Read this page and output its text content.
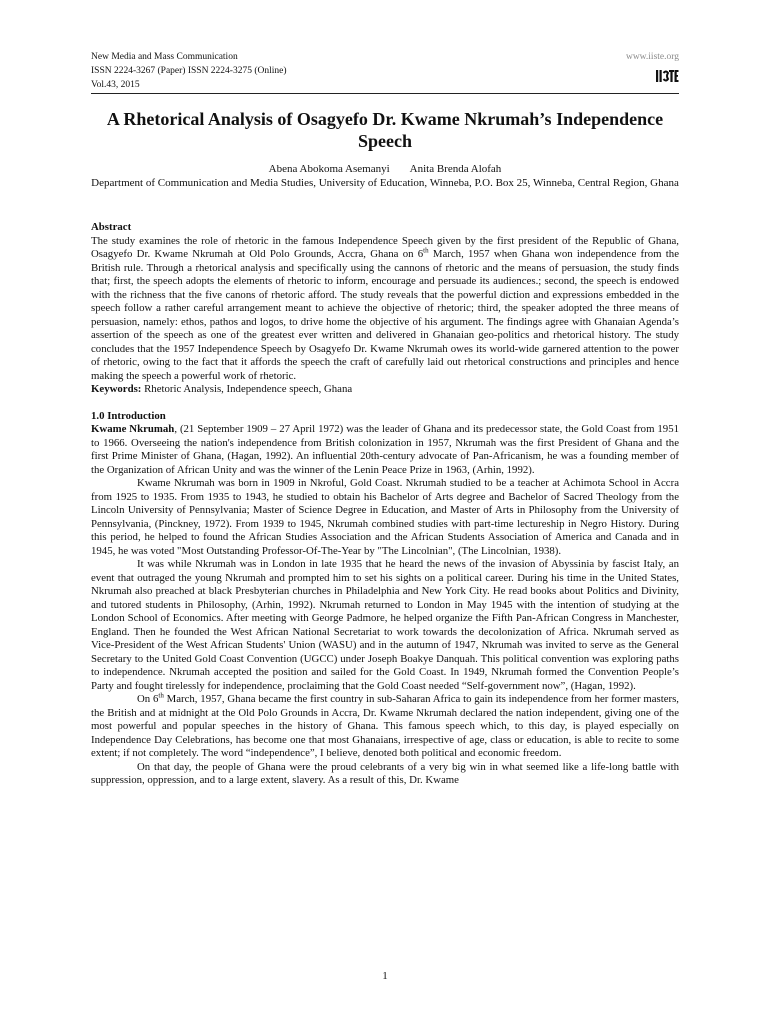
New Media and Mass Communication
ISSN 2224-3267 (Paper) ISSN 2224-3275 (Online)
Vol.43, 2015
www.iiste.org
A Rhetorical Analysis of Osagyefo Dr. Kwame Nkrumah’s Independence Speech
Abena Abokoma Asemanyi Anita Brenda Alofah
Department of Communication and Media Studies, University of Education, Winneba, P.O. Box 25, Winneba, Central Region, Ghana

Abstract

The study examines the role of rhetoric in the famous Independence Speech given by the first president of the Republic of Ghana, Osagyefo Dr. Kwame Nkrumah at Old Polo Grounds, Accra, Ghana on 6th March, 1957 when Ghana won independence from the British rule. Through a rhetorical analysis and specifically using the cannons of rhetoric and the means of persuasion, the study finds that; first, the speech adopts the elements of rhetoric to inform, encourage and persuade its audiences.; second, the speech is endowed with the richness that the five canons of rhetoric afford. The study reveals that the powerful diction and expressions embedded in the speech follow a rather careful arrangement meant to achieve the objective of rhetoric; third, the speaker adopted the three means of persuasion, namely: ethos, pathos and logos, to drive home the objective of his argument. The findings agree with Ghanaian Agenda’s assertion of the speech as one of the greatest ever written and delivered in Ghanaian geo-politics and rhetorical history. The study concludes that the 1957 Independence Speech by Osagyefo Dr. Kwame Nkrumah owes its world-wide garnered attention to the power of rhetoric, owing to the fact that it affords the speech the craft of carefully laid out rhetorical constructions and principles and hence making the speech a powerful work of rhetoric.

Keywords: Rhetoric Analysis, Independence speech, Ghana

1.0 Introduction

Kwame Nkrumah, (21 September 1909 – 27 April 1972) was the leader of Ghana and its predecessor state, the Gold Coast from 1951 to 1966. Overseeing the nation's independence from British colonization in 1957, Nkrumah was the first President of Ghana and the first Prime Minister of Ghana, (Hagan, 1992). An influential 20th-century advocate of Pan-Africanism, he was a founding member of the Organization of African Unity and was the winner of the Lenin Peace Prize in 1963, (Arhin, 1992).

Kwame Nkrumah was born in 1909 in Nkroful, Gold Coast. Nkrumah studied to be a teacher at Achimota School in Accra from 1925 to 1935. From 1935 to 1943, he studied to obtain his Bachelor of Arts degree and Bachelor of Sacred Theology from the Lincoln University of Pennsylvania; Master of Science Degree in Education, and Master of Arts in Philosophy from the University of Pennsylvania, (Pinckney, 1972). From 1939 to 1945, Nkrumah combined studies with part-time lectureship in Negro History. During this period, he helped to found the African Studies Association and the African Students Association of America and Canada and in 1945, he was voted "Most Outstanding Professor-Of-The-Year by "The Lincolnian", (The Lincolnian, 1938).

It was while Nkrumah was in London in late 1935 that he heard the news of the invasion of Abyssinia by fascist Italy, an event that outraged the young Nkrumah and prompted him to set his sights on a political career. During his time in the United States, Nkrumah also preached at black Presbyterian churches in Philadelphia and New York City. He read books about Politics and Divinity, and tutored students in Philosophy, (Arhin, 1992). Nkrumah returned to London in May 1945 with the intention of studying at the London School of Economics. After meeting with George Padmore, he helped organize the Fifth Pan-African Congress in Manchester, England. Then he founded the West African National Secretariat to work towards the decolonization of Africa. Nkrumah served as Vice-President of the West African Students' Union (WASU) and in the autumn of 1947, Nkrumah was invited to serve as the General Secretary to the United Gold Coast Convention (UGCC) under Joseph Boakye Danquah. This political convention was exploring paths to independence. Nkrumah accepted the position and sailed for the Gold Coast. In 1949, Nkrumah formed the Convention People’s Party and fought tirelessly for independence, proclaiming that the Gold Coast needed “Self-government now”, (Hagan, 1992).

On 6th March, 1957, Ghana became the first country in sub-Saharan Africa to gain its independence from her former masters, the British and at midnight at the Old Polo Grounds in Accra, Dr. Kwame Nkrumah declared the nation independent, giving one of the most powerful and popular speeches in the history of Ghana. This famous speech which, to this day, is played especially on Independence Day Celebrations, has become one that most Ghanaians, irrespective of age, class or education, is able to recite to some extent; if not completely. The word “independence”, I believe, denoted both political and economic freedom.

On that day, the people of Ghana were the proud celebrants of a very big win in what seemed like a life-long battle with suppression, oppression, and to a large extent, slavery. As a result of this, Dr. Kwame

1
